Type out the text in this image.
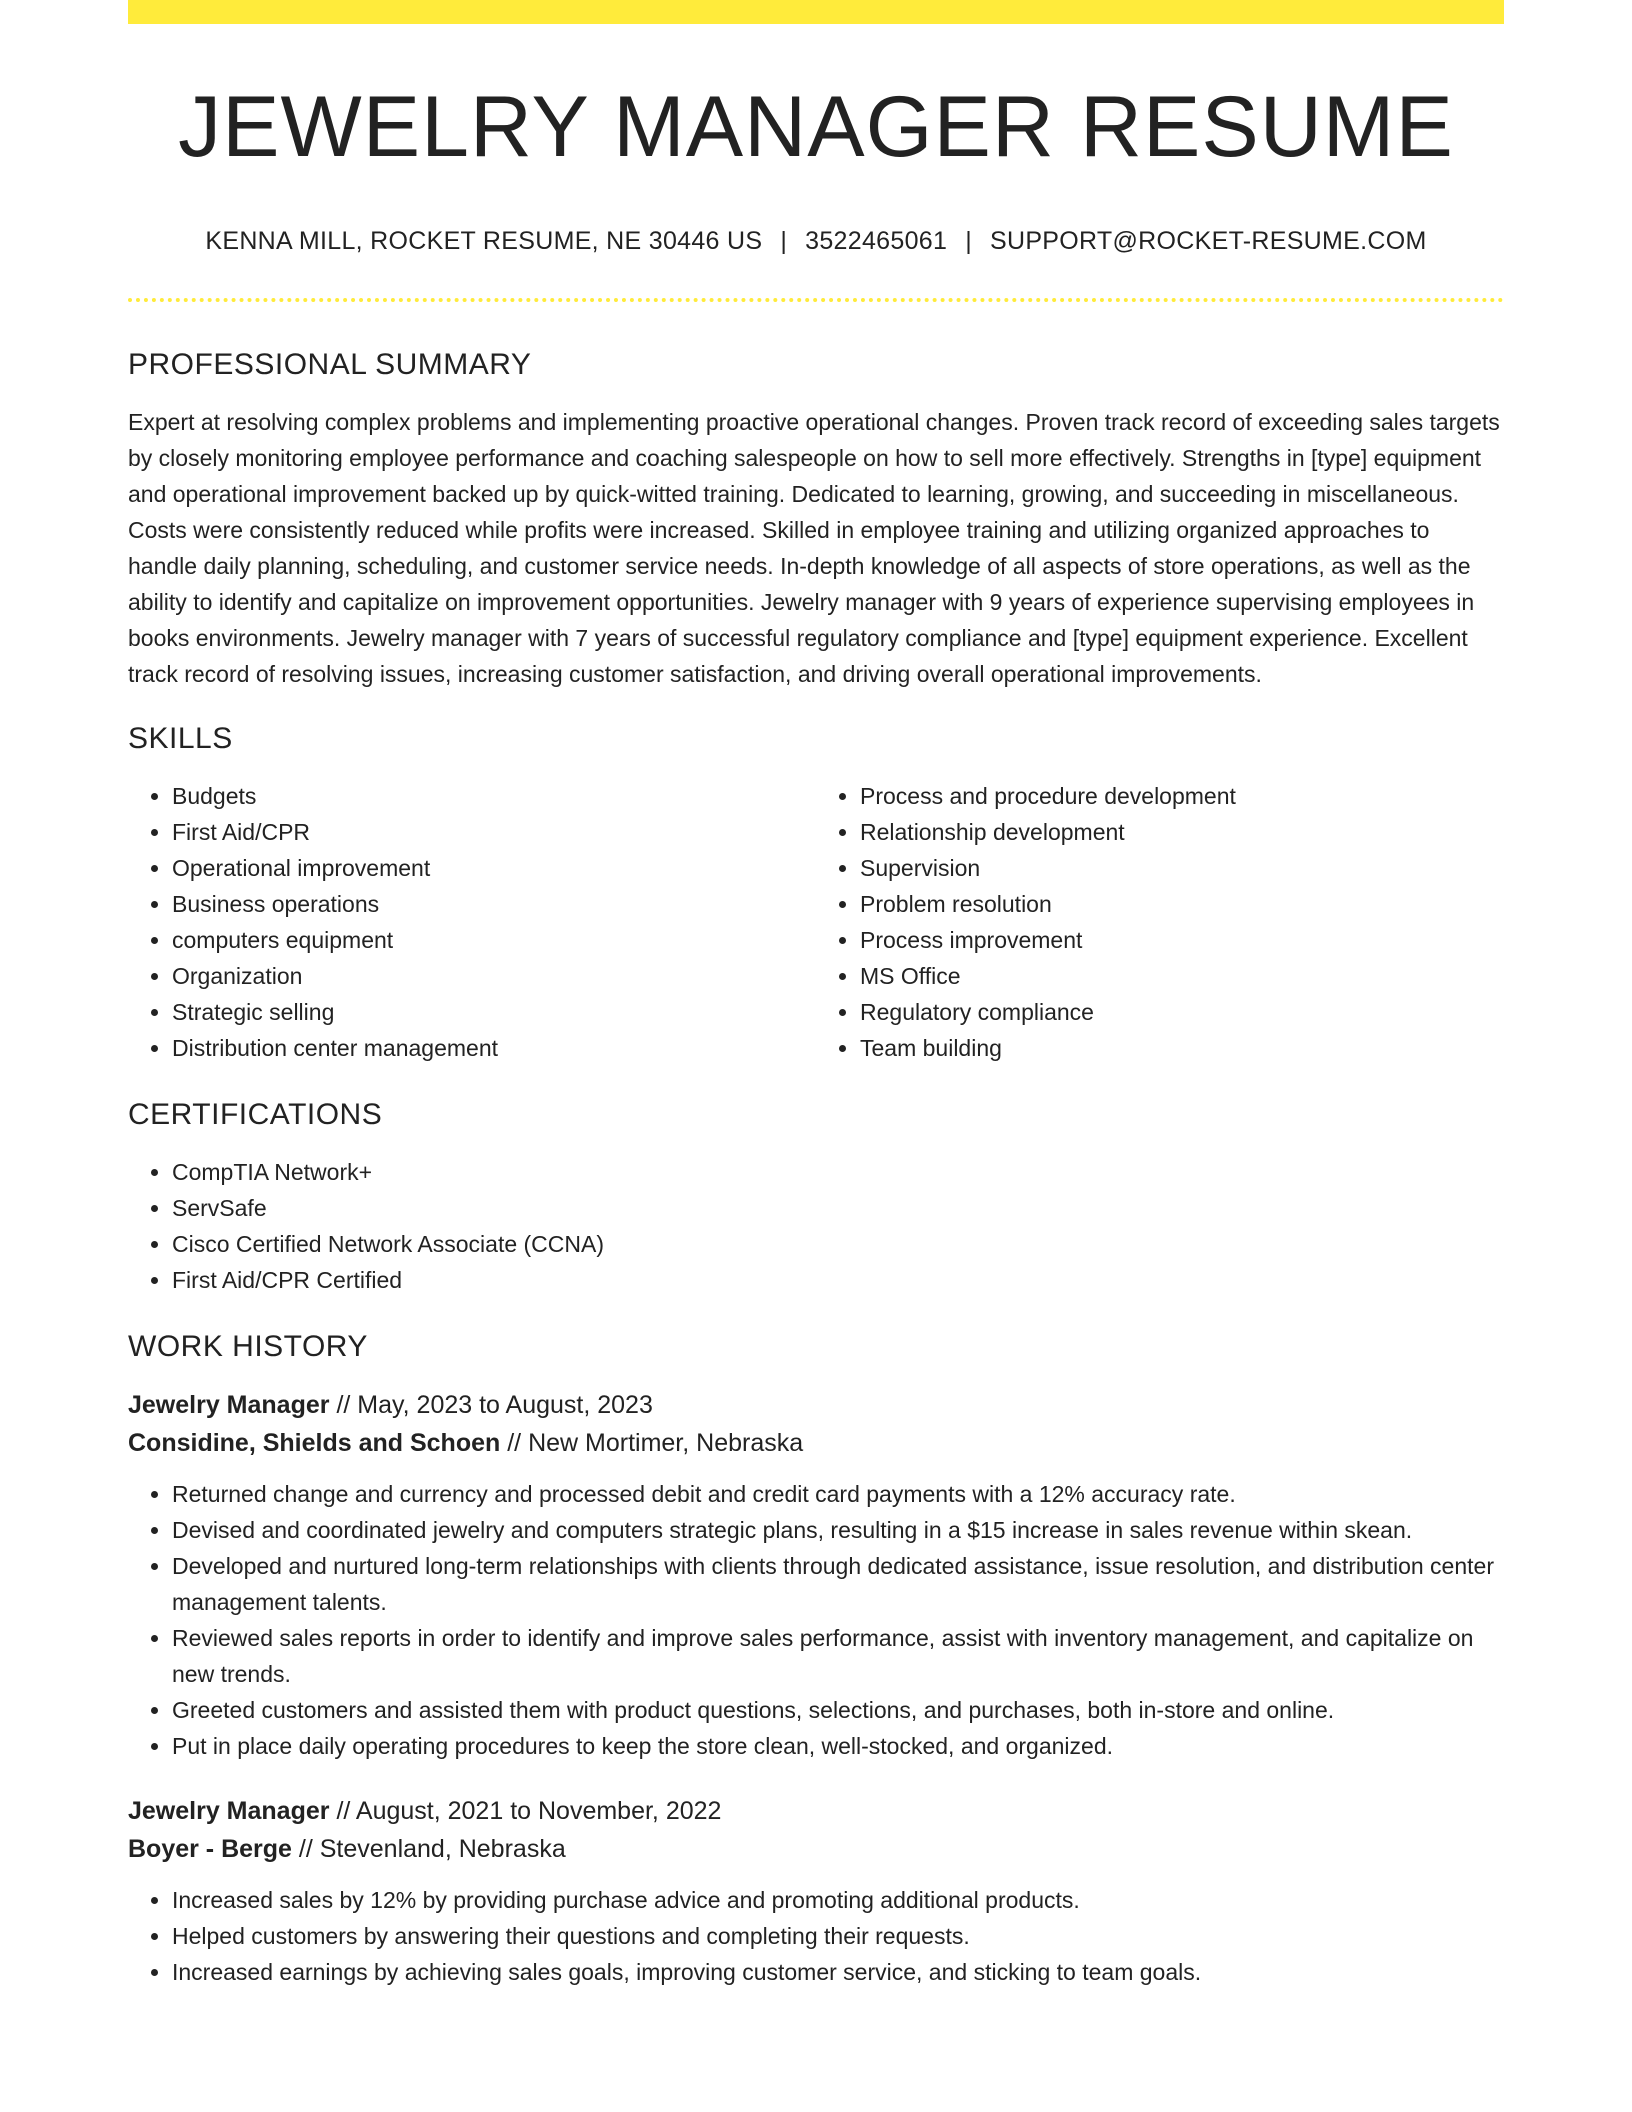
JEWELRY MANAGER RESUME
KENNA MILL, ROCKET RESUME, NE 30446 US | 3522465061 | SUPPORT@ROCKET-RESUME.COM
PROFESSIONAL SUMMARY

Expert at resolving complex problems and implementing proactive operational changes. Proven track record of exceeding sales targets by closely monitoring employee performance and coaching salespeople on how to sell more effectively. Strengths in [type] equipment and operational improvement backed up by quick-witted training. Dedicated to learning, growing, and succeeding in miscellaneous. Costs were consistently reduced while profits were increased. Skilled in employee training and utilizing organized approaches to handle daily planning, scheduling, and customer service needs. In-depth knowledge of all aspects of store operations, as well as the ability to identify and capitalize on improvement opportunities. Jewelry manager with 9 years of experience supervising employees in books environments. Jewelry manager with 7 years of successful regulatory compliance and [type] equipment experience. Excellent track record of resolving issues, increasing customer satisfaction, and driving overall operational improvements.

SKILLS
• Budgets
• First Aid/CPR
• Operational improvement
• Business operations
• computers equipment
• Organization
• Strategic selling
• Distribution center management
• Process and procedure development
• Relationship development
• Supervision
• Problem resolution
• Process improvement
• MS Office
• Regulatory compliance
• Team building
CERTIFICATIONS
• CompTIA Network+
• ServSafe
• Cisco Certified Network Associate (CCNA)
• First Aid/CPR Certified
WORK HISTORY
Jewelry Manager // May, 2023 to August, 2023
Considine, Shields and Schoen // New Mortimer, Nebraska
• Returned change and currency and processed debit and credit card payments with a 12% accuracy rate.
• Devised and coordinated jewelry and computers strategic plans, resulting in a $15 increase in sales revenue within skean.
• Developed and nurtured long-term relationships with clients through dedicated assistance, issue resolution, and distribution center management talents.
• Reviewed sales reports in order to identify and improve sales performance, assist with inventory management, and capitalize on new trends.
• Greeted customers and assisted them with product questions, selections, and purchases, both in-store and online.
• Put in place daily operating procedures to keep the store clean, well-stocked, and organized.
Jewelry Manager // August, 2021 to November, 2022
Boyer - Berge // Stevenland, Nebraska
• Increased sales by 12% by providing purchase advice and promoting additional products.
• Helped customers by answering their questions and completing their requests.
• Increased earnings by achieving sales goals, improving customer service, and sticking to team goals.
